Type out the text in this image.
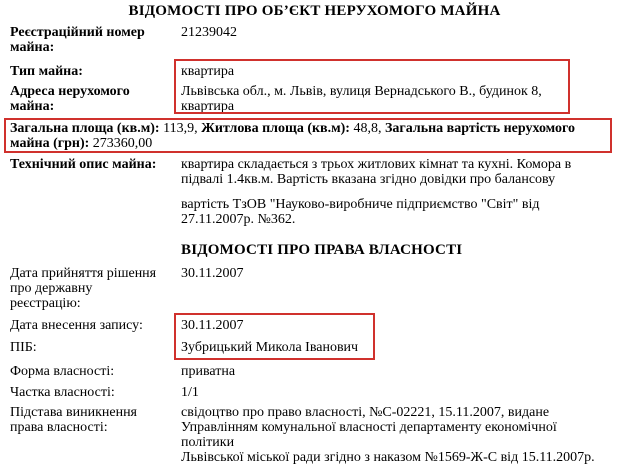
ВІДОМОСТІ ПРО ОБ’ЄКТ НЕРУХОМОГО МАЙНА
Реєстраційний номер
майна:
21239042
Тип майна:	квартира
Адреса нерухомого
майна:
Львівська обл., м. Львів, вулиця Вернадського В., будинок 8,
квартира
Загальна площа (кв.м): 113,9, Житлова площа (кв.м): 48,8, Загальна вартість нерухомого
майна (грн): 273360,00
Технічний опис майна: квартира складається з трьох житлових кімнат та кухні. Комора в
підвалі 1.4кв.м. Вартість вказана згідно довідки про балансову
вартість ТзОВ "Науково-виробниче підприємство "Світ" від
27.11.2007р. №362.
ВІДОМОСТІ ПРО ПРАВА ВЛАСНОСТІ
Дата прийняття рішення
про державну
реєстрацію:
30.11.2007
Дата внесення запису:	30.11.2007
ПІБ:	Зубрицький Микола Іванович
Форма власності:	приватна
Частка власності:	1/1
Підстава виникнення
права власності:
свідоцтво про право власності, №С-02221, 15.11.2007, видане
Управлінням комунальної власності департаменту економічної
політики
Львівської міської ради згідно з наказом №1569-Ж-С від 15.11.2007р.
